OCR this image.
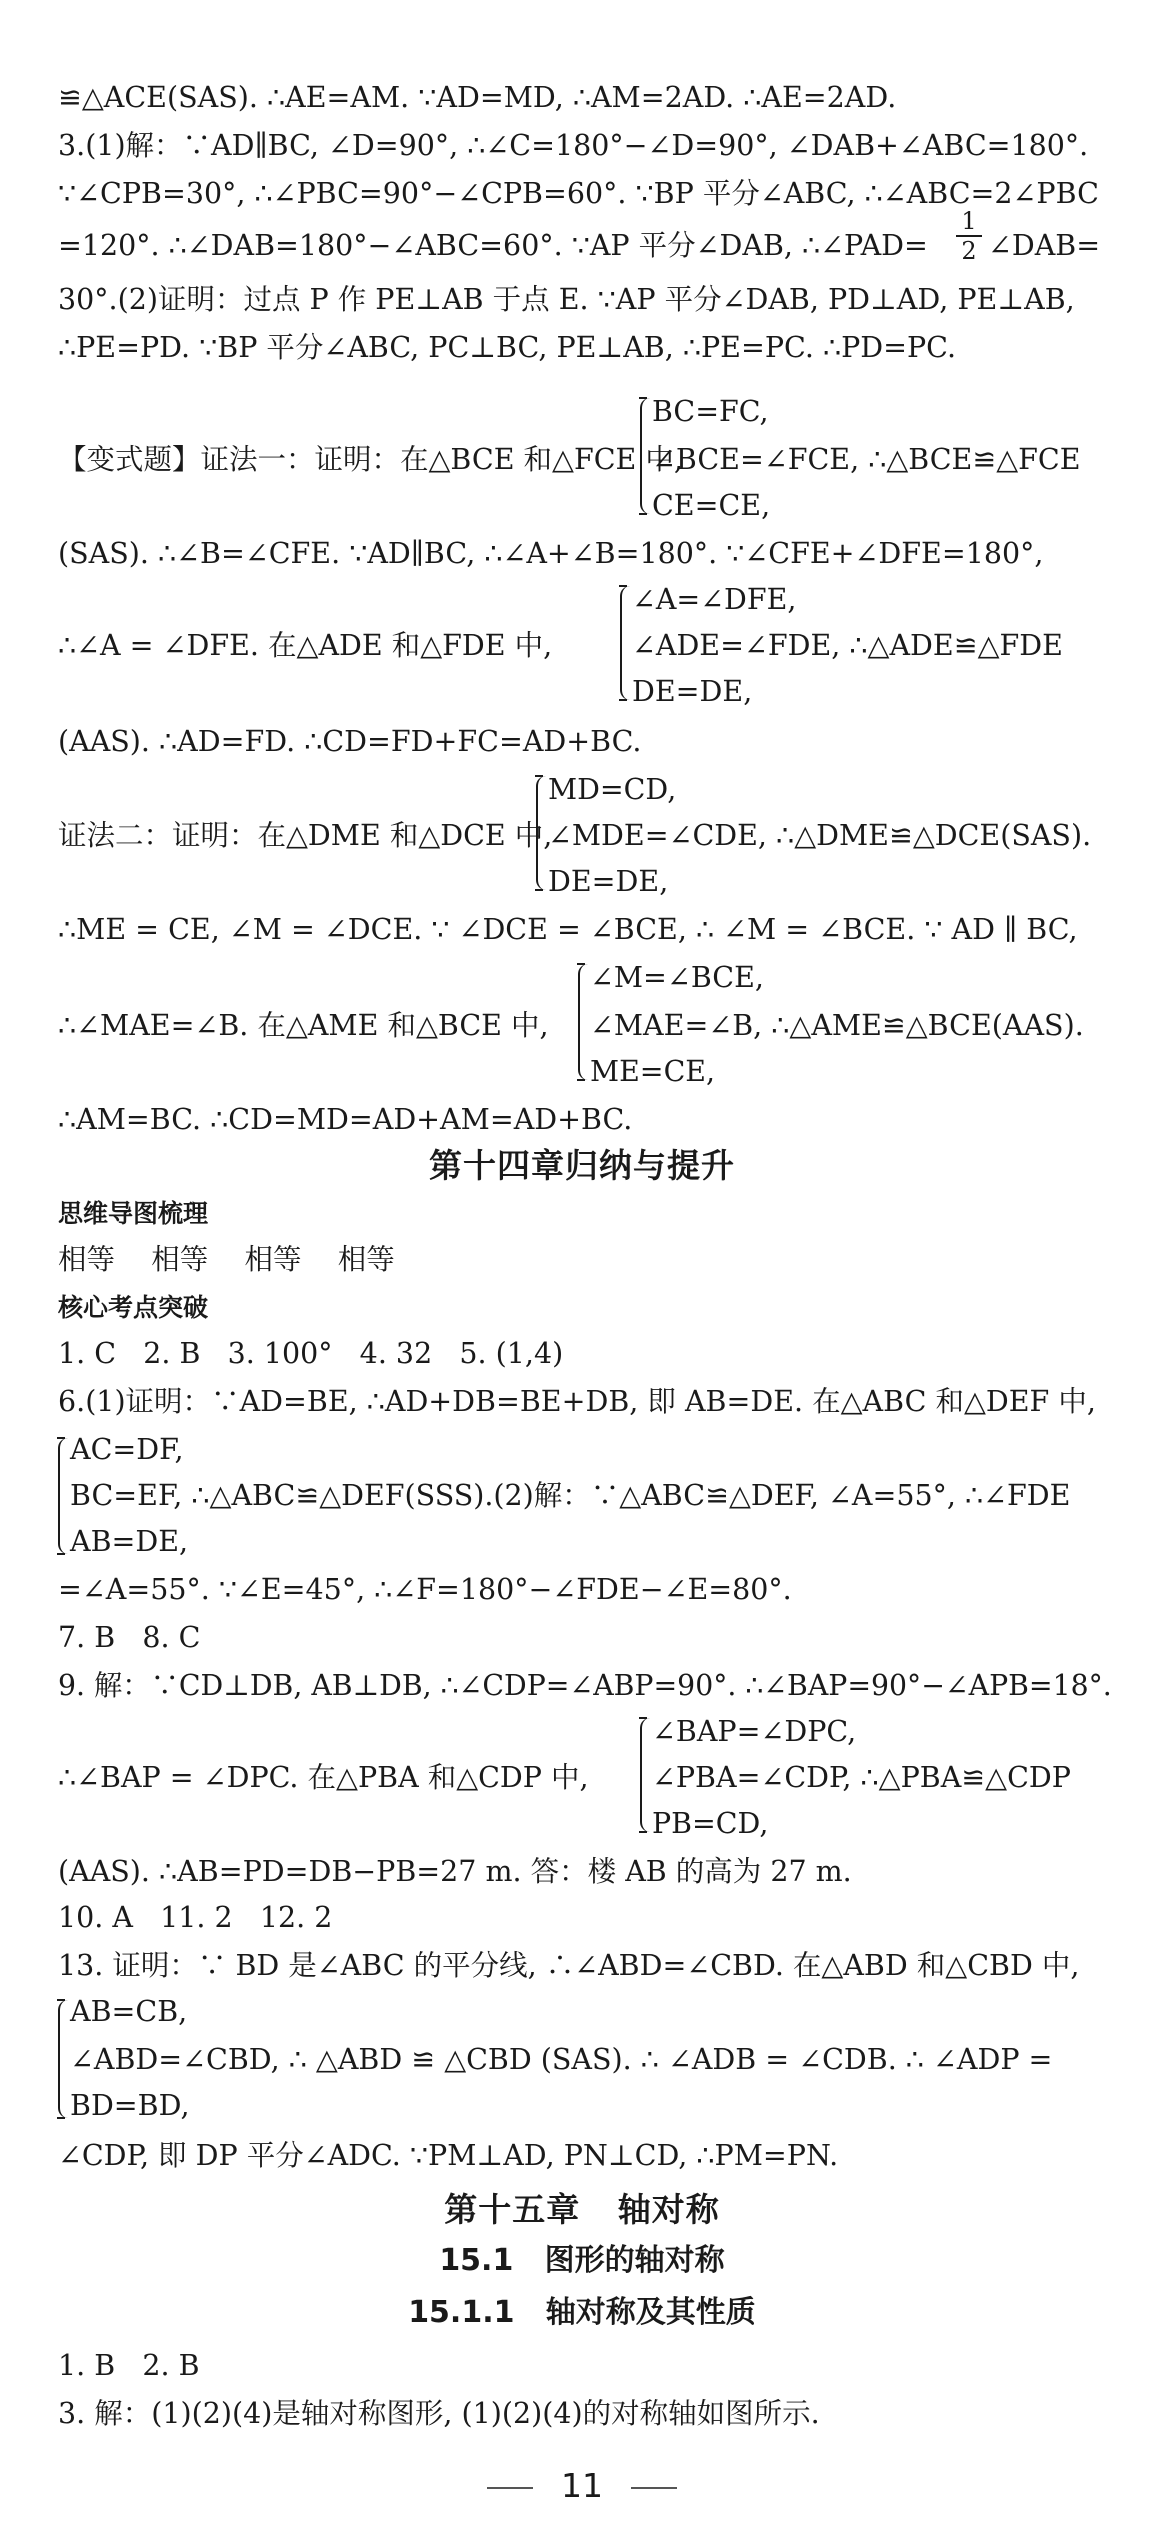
≌△ACE(SAS). ∴AE=AM. ∵AD=MD, ∴AM=2AD. ∴AE=2AD.
3.(1)解：∵AD∥BC, ∠D=90°, ∴∠C=180°−∠D=90°, ∠DAB+∠ABC=180°.
∵∠CPB=30°, ∴∠PBC=90°−∠CPB=60°. ∵BP 平分∠ABC, ∴∠ABC=2∠PBC
=120°. ∴∠DAB=180°−∠ABC=60°. ∵AP 平分∠DAB, ∴∠PAD=
1
2 ∠DAB=
30°.(2)证明：过点 P 作 PE⊥AB 于点 E. ∵AP 平分∠DAB, PD⊥AD, PE⊥AB,
∴PE=PD. ∵BP 平分∠ABC, PC⊥BC, PE⊥AB, ∴PE=PC. ∴PD=PC.
BC=FC,
【变式题】证法一：证明：在△BCE 和△FCE 中,
∠BCE=∠FCE, ∴△BCE≌△FCE
CE=CE,
(SAS). ∴∠B=∠CFE. ∵AD∥BC, ∴∠A+∠B=180°. ∵∠CFE+∠DFE=180°,
∠A=∠DFE,
∴∠A = ∠DFE. 在△ADE 和△FDE 中,	∠ADE=∠FDE, ∴△ADE≌△FDE
DE=DE,
(AAS). ∴AD=FD. ∴CD=FD+FC=AD+BC.
MD=CD,
证法二：证明：在△DME 和△DCE 中,
∠MDE=∠CDE, ∴△DME≌△DCE(SAS).
DE=DE,
∴ME = CE, ∠M = ∠DCE. ∵ ∠DCE = ∠BCE, ∴ ∠M = ∠BCE. ∵ AD ∥ BC,
∠M=∠BCE,
∴∠MAE=∠B. 在△AME 和△BCE 中,	∠MAE=∠B, ∴△AME≌△BCE(AAS).
ME=CE,
∴AM=BC. ∴CD=MD=AD+AM=AD+BC.
第十四章归纳与提升
思维导图梳理
相等    相等    相等    相等
核心考点突破
1. C   2. B   3. 100°   4. 32   5. (1,4)
6.(1)证明：∵AD=BE, ∴AD+DB=BE+DB, 即 AB=DE. 在△ABC 和△DEF 中,
AC=DF,
BC=EF, ∴△ABC≌△DEF(SSS).(2)解：∵△ABC≌△DEF, ∠A=55°, ∴∠FDE
AB=DE,
=∠A=55°. ∵∠E=45°, ∴∠F=180°−∠FDE−∠E=80°.
7. B   8. C
9. 解：∵CD⊥DB, AB⊥DB, ∴∠CDP=∠ABP=90°. ∴∠BAP=90°−∠APB=18°.
∠BAP=∠DPC,
∴∠BAP = ∠DPC. 在△PBA 和△CDP 中,	∠PBA=∠CDP, ∴△PBA≌△CDP
PB=CD,
(AAS). ∴AB=PD=DB−PB=27 m. 答：楼 AB 的高为 27 m.
10. A   11. 2   12. 2
13. 证明：∵ BD 是∠ABC 的平分线, ∴∠ABD=∠CBD. 在△ABD 和△CBD 中,
AB=CB,
∠ABD=∠CBD, ∴ △ABD ≌ △CBD (SAS). ∴ ∠ADB = ∠CDB. ∴ ∠ADP =
BD=BD,
∠CDP, 即 DP 平分∠ADC. ∵PM⊥AD, PN⊥CD, ∴PM=PN.
第十五章   轴对称
15.1   图形的轴对称
15.1.1   轴对称及其性质
1. B   2. B
3. 解：(1)(2)(4)是轴对称图形, (1)(2)(4)的对称轴如图所示.
11
